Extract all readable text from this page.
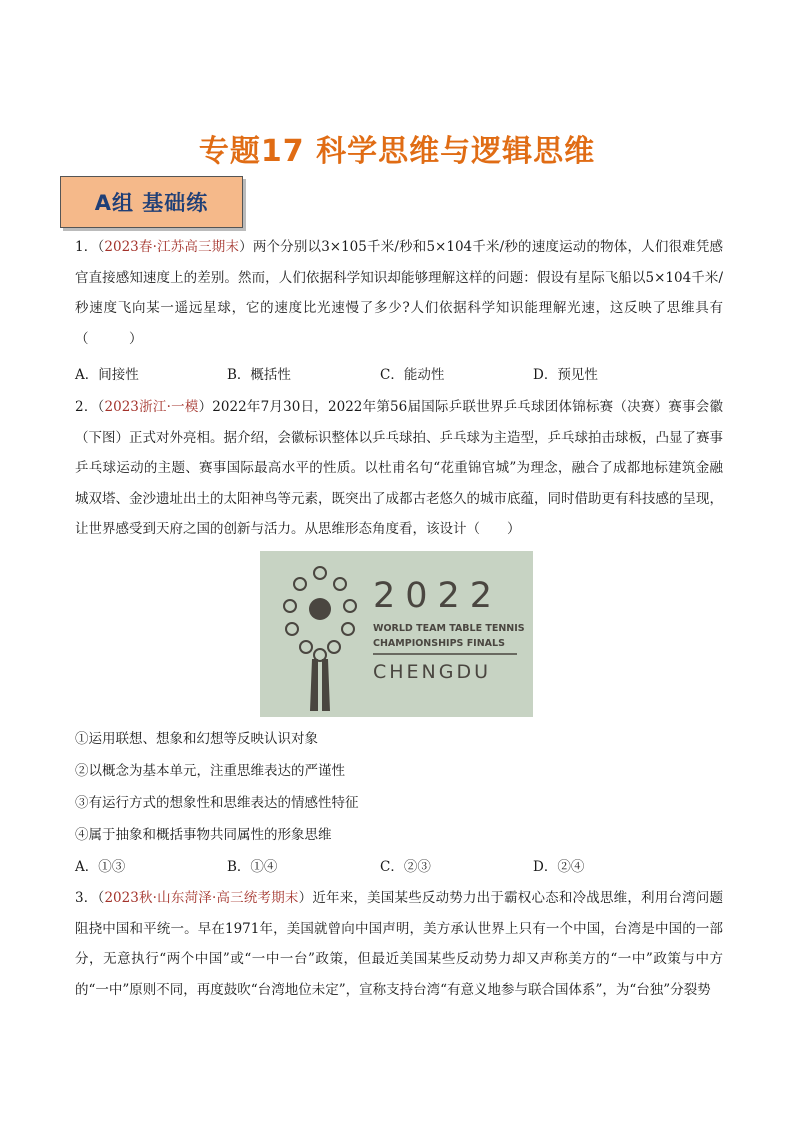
专题17 科学思维与逻辑思维
A组 基础练
1．（2023春·江苏高三期末）两个分别以3×105千米/秒和5×104千米/秒的速度运动的物体，人们很难凭感官直接感知速度上的差别。然而，人们依据科学知识却能够理解这样的问题：假设有星际飞船以5×104千米/秒速度飞向某一遥远星球，它的速度比光速慢了多少?人们依据科学知识能理解光速，这反映了思维具有（　　　）
A．间接性	B．概括性	C．能动性	D．预见性
2．（2023浙江·一模）2022年7月30日，2022年第56届国际乒联世界乒乓球团体锦标赛（决赛）赛事会徽（下图）正式对外亮相。据介绍，会徽标识整体以乒乓球拍、乒乓球为主造型，乒乓球拍击球板，凸显了赛事乒乓球运动的主题、赛事国际最高水平的性质。以杜甫名句“花重锦官城”为理念，融合了成都地标建筑金融城双塔、金沙遗址出土的太阳神鸟等元素，既突出了成都古老悠久的城市底蕴，同时借助更有科技感的呈现，让世界感受到天府之国的创新与活力。从思维形态角度看，该设计（　　）
2022
WORLD TEAM TABLE TENNIS
CHAMPIONSHIPS FINALS
CHENGDU
①运用联想、想象和幻想等反映认识对象
②以概念为基本单元，注重思维表达的严谨性
③有运行方式的想象性和思维表达的情感性特征
④属于抽象和概括事物共同属性的形象思维
A．①③	B．①④	C．②③	D．②④
3．（2023秋·山东菏泽·高三统考期末）近年来，美国某些反动势力出于霸权心态和冷战思维，利用台湾问题阻挠中国和平统一。早在1971年，美国就曾向中国声明，美方承认世界上只有一个中国，台湾是中国的一部分，无意执行“两个中国”或“一中一台”政策，但最近美国某些反动势力却又声称美方的“一中”政策与中方的“一中”原则不同，再度鼓吹“台湾地位未定”，宣称支持台湾“有意义地参与联合国体系”，为“台独”分裂势
